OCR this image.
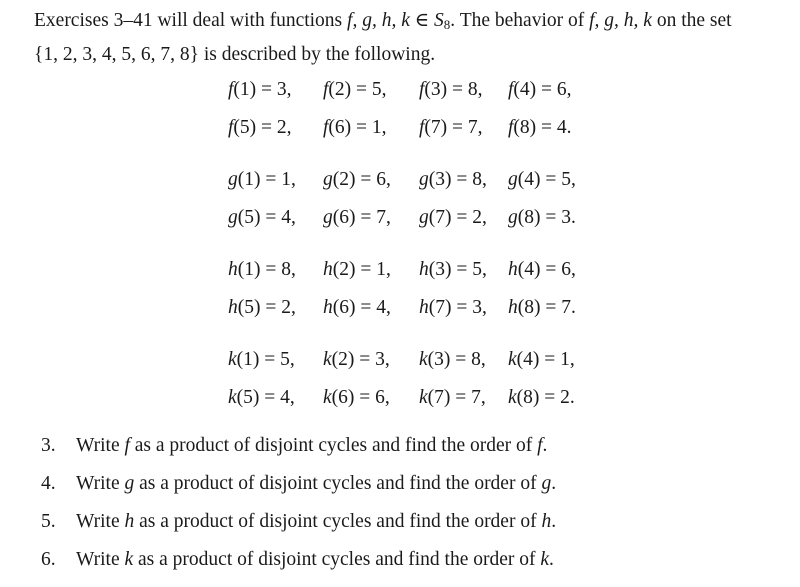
Exercises 3–41 will deal with functions f, g, h, k ∈ $S_8$. The behavior of f, g, h, k on the set
{1, 2, 3, 4, 5, 6, 7, 8} is described by the following.

f(1) = 3, f(2) = 5, f(3) = 8, f(4) = 6,
f(5) = 2, f(6) = 1, f(7) = 7, f(8) = 4.
g(1) = 1, g(2) = 6, g(3) = 8, g(4) = 5,
g(5) = 4, g(6) = 7, g(7) = 2, g(8) = 3.
h(1) = 8, h(2) = 1, h(3) = 5, h(4) = 6,
h(5) = 2, h(6) = 4, h(7) = 3, h(8) = 7.
k(1) = 5, k(2) = 3, k(3) = 8, k(4) = 1,
k(5) = 4, k(6) = 6, k(7) = 7, k(8) = 2.
3. Write f as a product of disjoint cycles and find the order of f.
4. Write g as a product of disjoint cycles and find the order of g.
5. Write h as a product of disjoint cycles and find the order of h.
6. Write k as a product of disjoint cycles and find the order of k.
